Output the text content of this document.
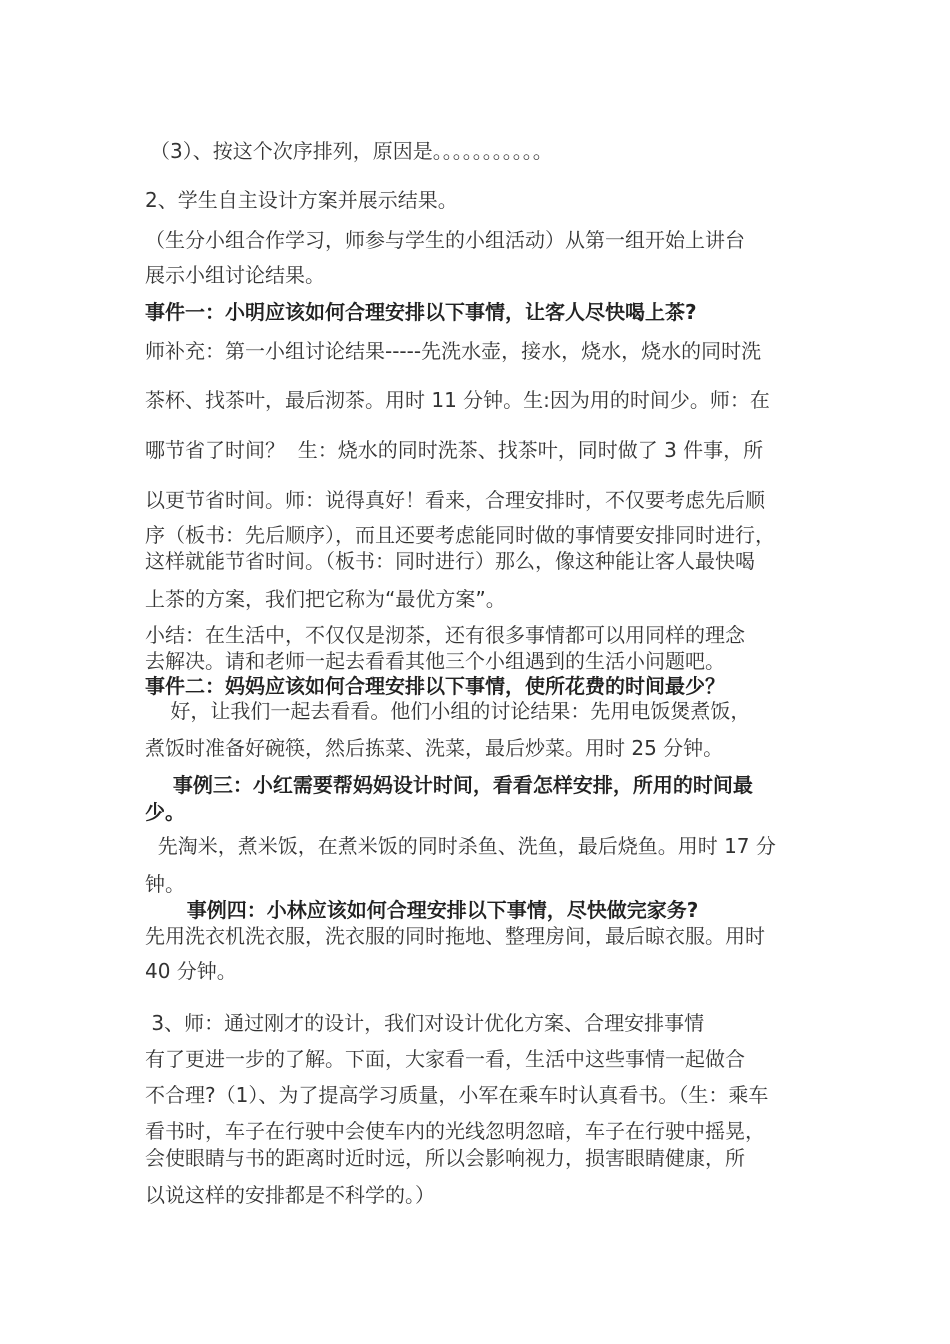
（3）、按这个次序排列，原因是。。。。。。。。。。。
2、学生自主设计方案并展示结果。
（生分小组合作学习，师参与学生的小组活动）从第一组开始上讲台
展示小组讨论结果。
事件一：小明应该如何合理安排以下事情，让客人尽快喝上茶?
师补充：第一小组讨论结果-----先洗水壶，接水，烧水，烧水的同时洗
茶杯、找茶叶，最后沏茶。用时 11 分钟。生:因为用的时间少。师：在
哪节省了时间？  生：烧水的同时洗茶、找茶叶，同时做了 3 件事，所
以更节省时间。师：说得真好！看来，合理安排时，不仅要考虑先后顺
序（板书：先后顺序），而且还要考虑能同时做的事情要安排同时进行，
这样就能节省时间。（板书：同时进行）那么，像这种能让客人最快喝
上茶的方案，我们把它称为“最优方案”。
小结：在生活中，不仅仅是沏茶，还有很多事情都可以用同样的理念
去解决。请和老师一起去看看其他三个小组遇到的生活小问题吧。
事件二：妈妈应该如何合理安排以下事情，使所花费的时间最少？
好，让我们一起去看看。他们小组的讨论结果：先用电饭煲煮饭，
煮饭时准备好碗筷，然后拣菜、洗菜，最后炒菜。用时 25 分钟。
事例三：小红需要帮妈妈设计时间，看看怎样安排，所用的时间最
少。
先淘米，煮米饭，在煮米饭的同时杀鱼、洗鱼，最后烧鱼。用时 17 分
钟。
事例四：小林应该如何合理安排以下事情，尽快做完家务?
先用洗衣机洗衣服，洗衣服的同时拖地、整理房间，最后晾衣服。用时
40 分钟。
3、师：通过刚才的设计，我们对设计优化方案、合理安排事情
有了更进一步的了解。下面，大家看一看，生活中这些事情一起做合
不合理?（1）、为了提高学习质量，小军在乘车时认真看书。（生：乘车
看书时，车子在行驶中会使车内的光线忽明忽暗，车子在行驶中摇晃，
会使眼睛与书的距离时近时远，所以会影响视力，损害眼睛健康，所
以说这样的安排都是不科学的。）
